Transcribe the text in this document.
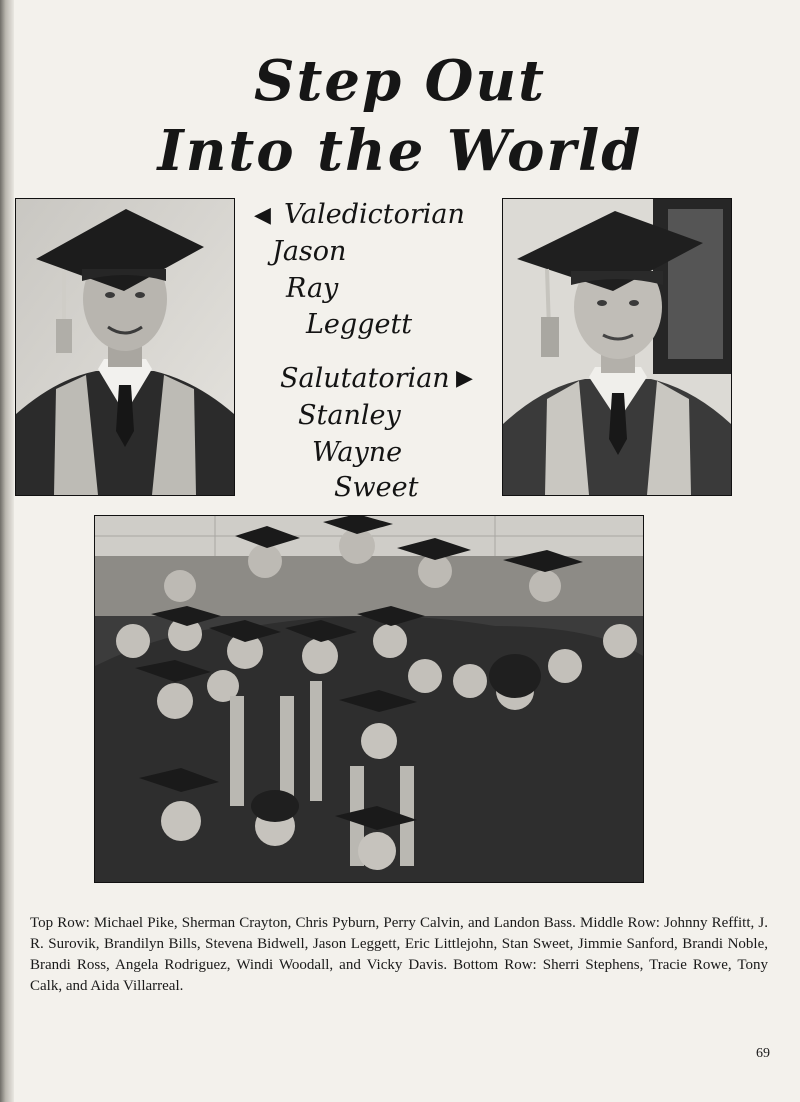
Step Out
Into the World
◀ Valedictorian
Jason
Ray
Leggett
Salutatorian ▶
Stanley
Wayne
Sweet

Top Row: Michael Pike, Sherman Crayton, Chris Pyburn, Perry Calvin, and Landon Bass. Middle Row: Johnny Reffitt, J. R. Surovik, Brandilyn Bills, Stevena Bidwell, Jason Leggett, Eric Littlejohn, Stan Sweet, Jimmie Sanford, Brandi Noble, Brandi Ross, Angela Rodriguez, Windi Woodall, and Vicky Davis. Bottom Row: Sherri Stephens, Tracie Rowe, Tony Calk, and Aida Villarreal.

69
